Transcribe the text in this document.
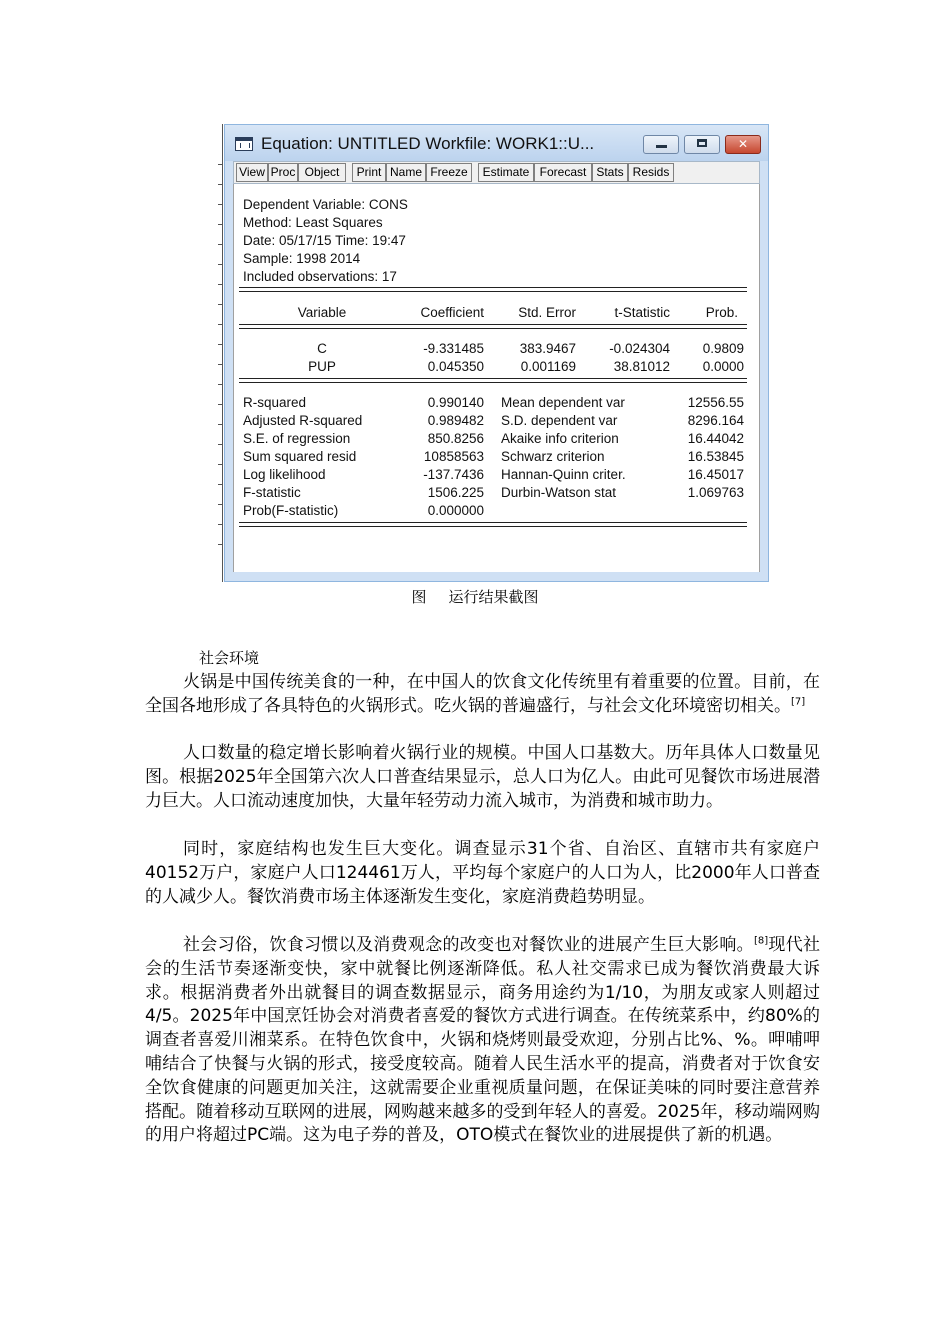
Equation: UNTITLED Workfile: WORK1::U...	✕
View Proc Object	Print Name Freeze	Estimate Forecast Stats Resids
Dependent Variable: CONS
Method: Least Squares
Date: 05/17/15 Time: 19:47
Sample: 1998 2014
Included observations: 17
Variable	Coefficient	Std. Error	t-Statistic	Prob.
C	-9.331485	383.9467	-0.024304	0.9809
PUP	0.045350	0.001169	38.81012	0.0000
R-squared	0.990140 Mean dependent var	12556.55
Adjusted R-squared	0.989482 S.D. dependent var	8296.164
S.E. of regression	850.8256 Akaike info criterion	16.44042
Sum squared resid	10858563 Schwarz criterion	16.53845
Log likelihood	-137.7436 Hannan-Quinn criter.	16.45017
F-statistic	1506.225 Durbin-Watson stat	1.069763
Prob(F-statistic)	0.000000
图 运行结果截图
社会环境

火锅是中国传统美食的一种，在中国人的饮食文化传统里有着重要的位置。目前，在全国各地形成了各具特色的火锅形式。吃火锅的普遍盛行，与社会文化环境密切相关。[7]

人口数量的稳定增长影响着火锅行业的规模。中国人口基数大。历年具体人口数量见图。根据2025年全国第六次人口普查结果显示，总人口为亿人。由此可见餐饮市场进展潜力巨大。人口流动速度加快，大量年轻劳动力流入城市，为消费和城市助力。

同时，家庭结构也发生巨大变化。调查显示31个省、自治区、直辖市共有家庭户40152万户，家庭户人口124461万人，平均每个家庭户的人口为人，比2000年人口普查的人减少人。餐饮消费市场主体逐渐发生变化，家庭消费趋势明显。

社会习俗，饮食习惯以及消费观念的改变也对餐饮业的进展产生巨大影响。[8]现代社会的生活节奏逐渐变快，家中就餐比例逐渐降低。私人社交需求已成为餐饮消费最大诉求。根据消费者外出就餐目的调查数据显示，商务用途约为1/10，为朋友或家人则超过4/5。2025年中国烹饪协会对消费者喜爱的餐饮方式进行调查。在传统菜系中，约80%的调查者喜爱川湘菜系。在特色饮食中，火锅和烧烤则最受欢迎，分别占比%、%。呷哺呷哺结合了快餐与火锅的形式，接受度较高。随着人民生活水平的提高，消费者对于饮食安全饮食健康的问题更加关注，这就需要企业重视质量问题，在保证美味的同时要注意营养搭配。随着移动互联网的进展，网购越来越多的受到年轻人的喜爱。2025年，移动端网购的用户将超过PC端。这为电子券的普及，OTO模式在餐饮业的进展提供了新的机遇。
